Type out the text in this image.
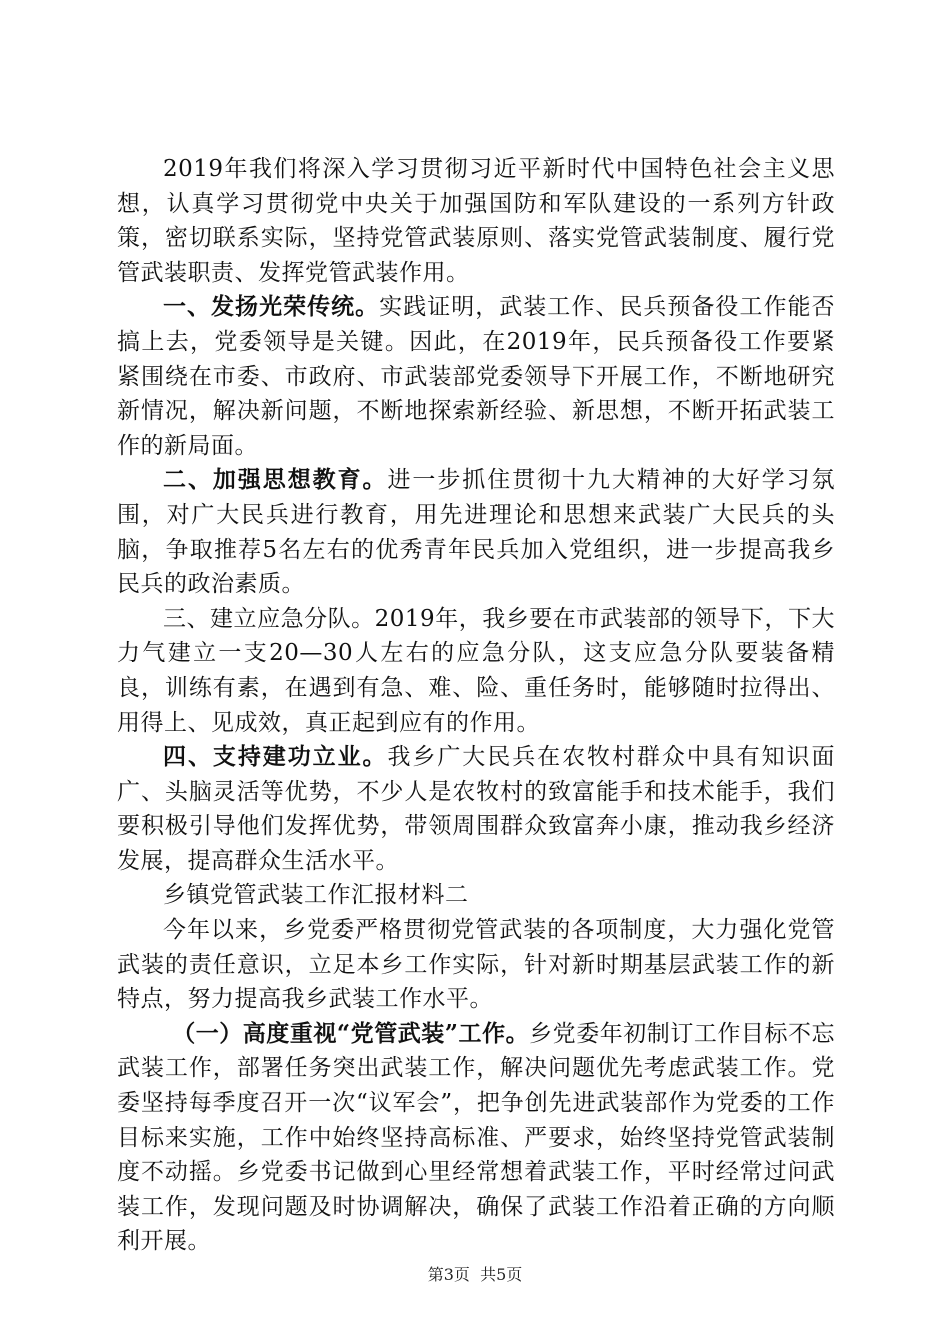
2019年我们将深入学习贯彻习近平新时代中国特色社会主义思想，认真学习贯彻党中央关于加强国防和军队建设的一系列方针政策，密切联系实际，坚持党管武装原则、落实党管武装制度、履行党管武装职责、发挥党管武装作用。

一、发扬光荣传统。实践证明，武装工作、民兵预备役工作能否搞上去，党委领导是关键。因此，在2019年，民兵预备役工作要紧紧围绕在市委、市政府、市武装部党委领导下开展工作，不断地研究新情况，解决新问题，不断地探索新经验、新思想，不断开拓武装工作的新局面。

二、加强思想教育。进一步抓住贯彻十九大精神的大好学习氛围，对广大民兵进行教育，用先进理论和思想来武装广大民兵的头脑，争取推荐5名左右的优秀青年民兵加入党组织，进一步提高我乡民兵的政治素质。

三、建立应急分队。2019年，我乡要在市武装部的领导下，下大力气建立一支20—30人左右的应急分队，这支应急分队要装备精良，训练有素，在遇到有急、难、险、重任务时，能够随时拉得出、用得上、见成效，真正起到应有的作用。

四、支持建功立业。我乡广大民兵在农牧村群众中具有知识面广、头脑灵活等优势，不少人是农牧村的致富能手和技术能手，我们要积极引导他们发挥优势，带领周围群众致富奔小康，推动我乡经济发展，提高群众生活水平。

乡镇党管武装工作汇报材料二

今年以来，乡党委严格贯彻党管武装的各项制度，大力强化党管武装的责任意识，立足本乡工作实际，针对新时期基层武装工作的新特点，努力提高我乡武装工作水平。

（一）高度重视“党管武装”工作。乡党委年初制订工作目标不忘武装工作，部署任务突出武装工作，解决问题优先考虑武装工作。党委坚持每季度召开一次“议军会”，把争创先进武装部作为党委的工作目标来实施，工作中始终坚持高标准、严要求，始终坚持党管武装制度不动摇。乡党委书记做到心里经常想着武装工作，平时经常过问武装工作，发现问题及时协调解决，确保了武装工作沿着正确的方向顺利开展。

第3页  共5页
